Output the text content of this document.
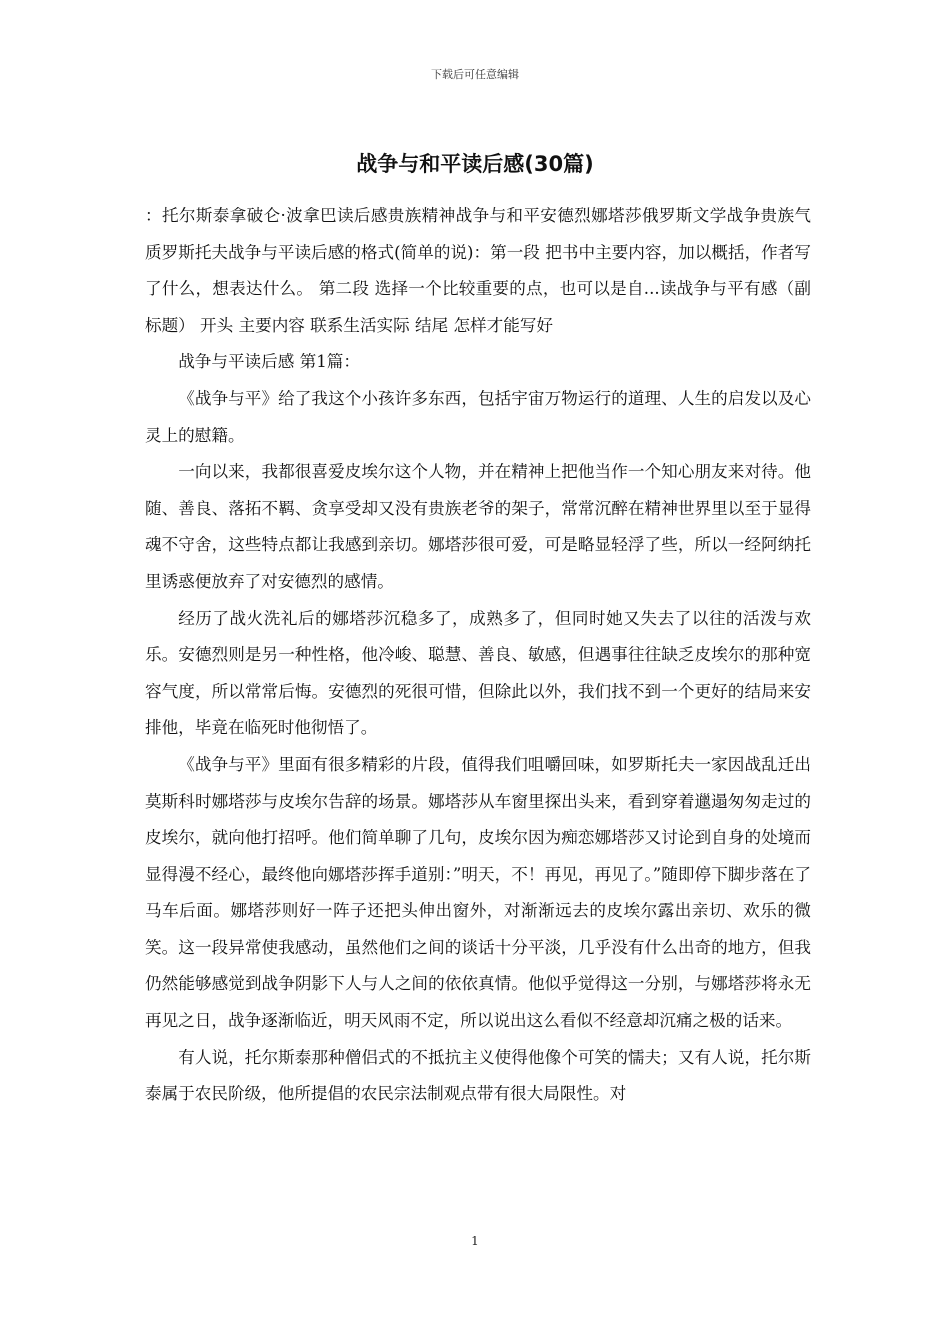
下载后可任意编辑
战争与和平读后感(30篇)

：托尔斯泰拿破仑·波拿巴读后感贵族精神战争与和平安德烈娜塔莎俄罗斯文学战争贵族气质罗斯托夫战争与平读后感的格式(简单的说)：第一段 把书中主要内容，加以概括，作者写了什么，想表达什么。 第二段 选择一个比较重要的点，也可以是自...读战争与平有感（副标题） 开头 主要内容 联系生活实际 结尾 怎样才能写好

战争与平读后感 第1篇：

《战争与平》给了我这个小孩许多东西，包括宇宙万物运行的道理、人生的启发以及心灵上的慰籍。

一向以来，我都很喜爱皮埃尔这个人物，并在精神上把他当作一个知心朋友来对待。他随、善良、落拓不羁、贪享受却又没有贵族老爷的架子，常常沉醉在精神世界里以至于显得魂不守舍，这些特点都让我感到亲切。娜塔莎很可爱，可是略显轻浮了些，所以一经阿纳托里诱惑便放弃了对安德烈的感情。

经历了战火洗礼后的娜塔莎沉稳多了，成熟多了，但同时她又失去了以往的活泼与欢乐。安德烈则是另一种性格，他冷峻、聪慧、善良、敏感，但遇事往往缺乏皮埃尔的那种宽容气度，所以常常后悔。安德烈的死很可惜，但除此以外，我们找不到一个更好的结局来安排他，毕竟在临死时他彻悟了。

《战争与平》里面有很多精彩的片段，值得我们咀嚼回味，如罗斯托夫一家因战乱迁出莫斯科时娜塔莎与皮埃尔告辞的场景。娜塔莎从车窗里探出头来，看到穿着邋遢匆匆走过的皮埃尔，就向他打招呼。他们简单聊了几句，皮埃尔因为痴恋娜塔莎又讨论到自身的处境而显得漫不经心，最终他向娜塔莎挥手道别：”明天，不！再见，再见了。”随即停下脚步落在了马车后面。娜塔莎则好一阵子还把头伸出窗外，对渐渐远去的皮埃尔露出亲切、欢乐的微笑。这一段异常使我感动，虽然他们之间的谈话十分平淡，几乎没有什么出奇的地方，但我仍然能够感觉到战争阴影下人与人之间的依依真情。他似乎觉得这一分别，与娜塔莎将永无再见之日，战争逐渐临近，明天风雨不定，所以说出这么看似不经意却沉痛之极的话来。

有人说，托尔斯泰那种僧侣式的不抵抗主义使得他像个可笑的懦夫；又有人说，托尔斯泰属于农民阶级，他所提倡的农民宗法制观点带有很大局限性。对

1
